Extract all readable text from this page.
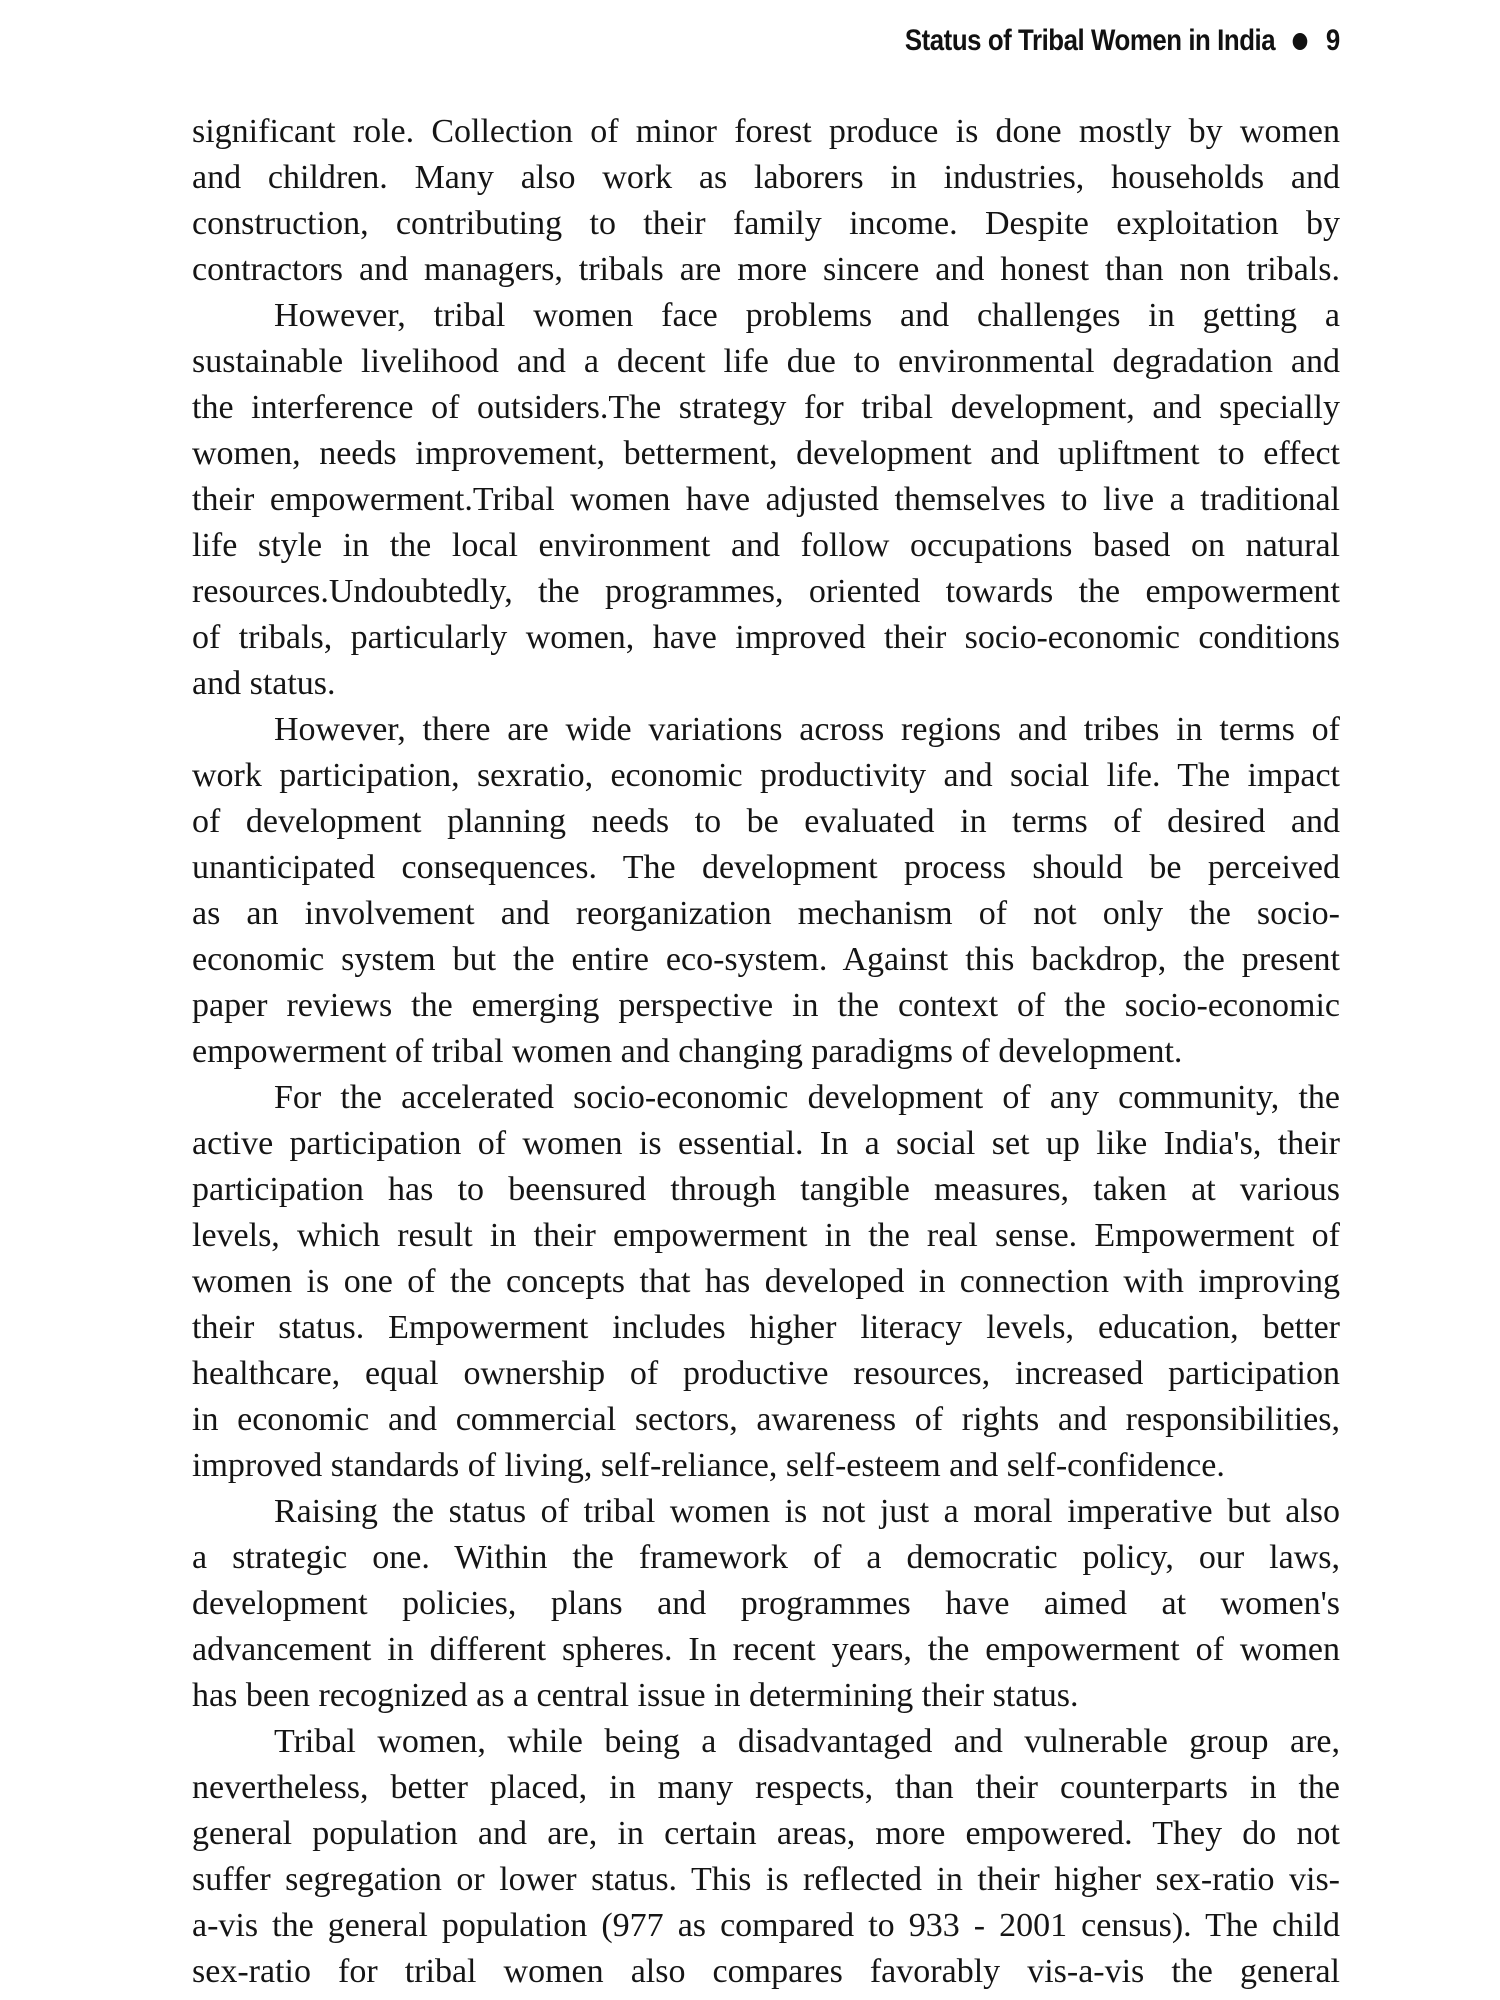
Status of Tribal Women in India 9
significant role. Collection of minor forest produce is done mostly by women
and children. Many also work as laborers in industries, households and
construction, contributing to their family income. Despite exploitation by
contractors and managers, tribals are more sincere and honest than non tribals.
However, tribal women face problems and challenges in getting a
sustainable livelihood and a decent life due to environmental degradation and
the interference of outsiders.The strategy for tribal development, and specially
women, needs improvement, betterment, development and upliftment to effect
their empowerment.Tribal women have adjusted themselves to live a traditional
life style in the local environment and follow occupations based on natural
resources.Undoubtedly, the programmes, oriented towards the empowerment
of tribals, particularly women, have improved their socio-economic conditions
and status.
However, there are wide variations across regions and tribes in terms of
work participation, sexratio, economic productivity and social life. The impact
of development planning needs to be evaluated in terms of desired and
unanticipated consequences. The development process should be perceived
as an involvement and reorganization mechanism of not only the socio-
economic system but the entire eco-system. Against this backdrop, the present
paper reviews the emerging perspective in the context of the socio-economic
empowerment of tribal women and changing paradigms of development.
For the accelerated socio-economic development of any community, the
active participation of women is essential. In a social set up like India's, their
participation has to beensured through tangible measures, taken at various
levels, which result in their empowerment in the real sense. Empowerment of
women is one of the concepts that has developed in connection with improving
their status. Empowerment includes higher literacy levels, education, better
healthcare, equal ownership of productive resources, increased participation
in economic and commercial sectors, awareness of rights and responsibilities,
improved standards of living, self-reliance, self-esteem and self-confidence.
Raising the status of tribal women is not just a moral imperative but also
a strategic one. Within the framework of a democratic policy, our laws,
development policies, plans and programmes have aimed at women's
advancement in different spheres. In recent years, the empowerment of women
has been recognized as a central issue in determining their status.
Tribal women, while being a disadvantaged and vulnerable group are,
nevertheless, better placed, in many respects, than their counterparts in the
general population and are, in certain areas, more empowered. They do not
suffer segregation or lower status. This is reflected in their higher sex-ratio vis-
a-vis the general population (977 as compared to 933 - 2001 census). The child
sex-ratio for tribal women also compares favorably vis-a-vis the general
